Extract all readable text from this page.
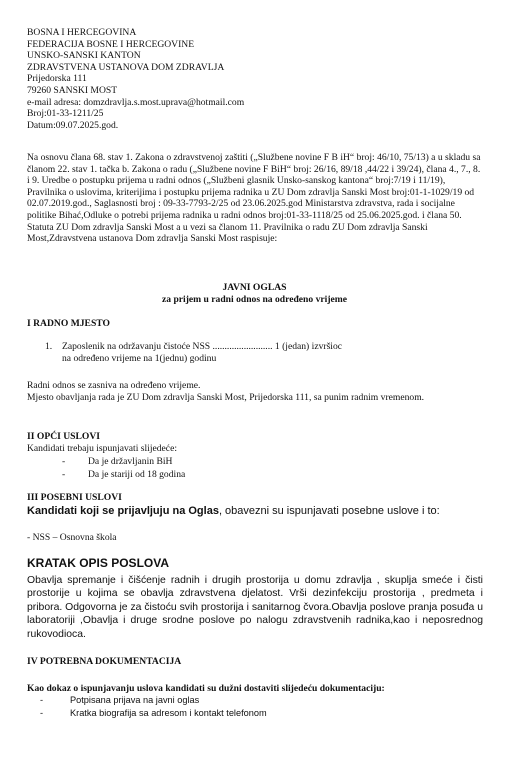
BOSNA I HERCEGOVINA
FEDERACIJA BOSNE I HERCEGOVINE
UNSKO-SANSKI KANTON
ZDRAVSTVENA USTANOVA DOM ZDRAVLJA
Prijedorska 111
79260 SANSKI MOST
e-mail adresa: domzdravlja.s.most.uprava@hotmail.com
Broj:01-33-1211/25
Datum:09.07.2025.god.
Na osnovu člana 68. stav 1. Zakona o zdravstvenoj zaštiti („Službene novine F B iH“ broj: 46/10, 75/13) a u skladu sa članom 22. stav 1. tačka b. Zakona o radu („Službene novine F BiH“ broj: 26/16, 89/18 ,44/22 i 39/24), člana 4., 7., 8. i 9. Uredbe o postupku prijema u radni odnos („Službeni glasnik Unsko-sanskog kantona“ broj:7/19 i 11/19), Pravilnika o uslovima, kriterijima i postupku prijema radnika u ZU Dom zdravlja Sanski Most broj:01-1-1029/19 od 02.07.2019.god., Saglasnosti broj : 09-33-7793-2/25 od 23.06.2025.god Ministarstva zdravstva, rada i socijalne politike Bihać,Odluke o potrebi prijema radnika u radni odnos broj:01-33-1118/25 od 25.06.2025.god. i člana 50. Statuta ZU Dom zdravlja Sanski Most a u vezi sa članom 11. Pravilnika o radu ZU Dom zdravlja Sanski Most,Zdravstvena ustanova Dom zdravlja Sanski Most raspisuje:
JAVNI OGLAS
za prijem u radni odnos na određeno vrijeme
I RADNO MJESTO
1. Zaposlenik na održavanju čistoće NSS ......................... 1 (jedan) izvršioc
na određeno vrijeme na 1(jednu) godinu
Radni odnos se zasniva na određeno vrijeme.
Mjesto obavljanja rada je ZU Dom zdravlja Sanski Most, Prijedorska 111, sa punim radnim vremenom.
II OPĆI USLOVI
Kandidati trebaju ispunjavati slijedeće:
- Da je državljanin BiH
- Da je stariji od 18 godina
III POSEBNI USLOVI
Kandidati koji se prijavljuju na Oglas, obavezni su ispunjavati posebne uslove i to:
- NSS – Osnovna škola
KRATAK OPIS POSLOVA
Obavlja spremanje i čišćenje radnih i drugih prostorija u domu zdravlja , skuplja smeće i čisti prostorije u kojima se obavlja zdravstvena djelatost. Vrši dezinfekciju prostorija , predmeta i pribora. Odgovorna je za čistoću svih prostorija i sanitarnog čvora.Obavlja poslove pranja posuđa u laboratoriji ,Obavlja i druge srodne poslove po nalogu zdravstvenih radnika,kao i neposrednog rukovodioca.
IV POTREBNA DOKUMENTACIJA
Kao dokaz o ispunjavanju uslova kandidati su dužni dostaviti slijedeću dokumentaciju:
-	Potpisana prijava na javni oglas
-	Kratka biografija sa adresom i kontakt telefonom
